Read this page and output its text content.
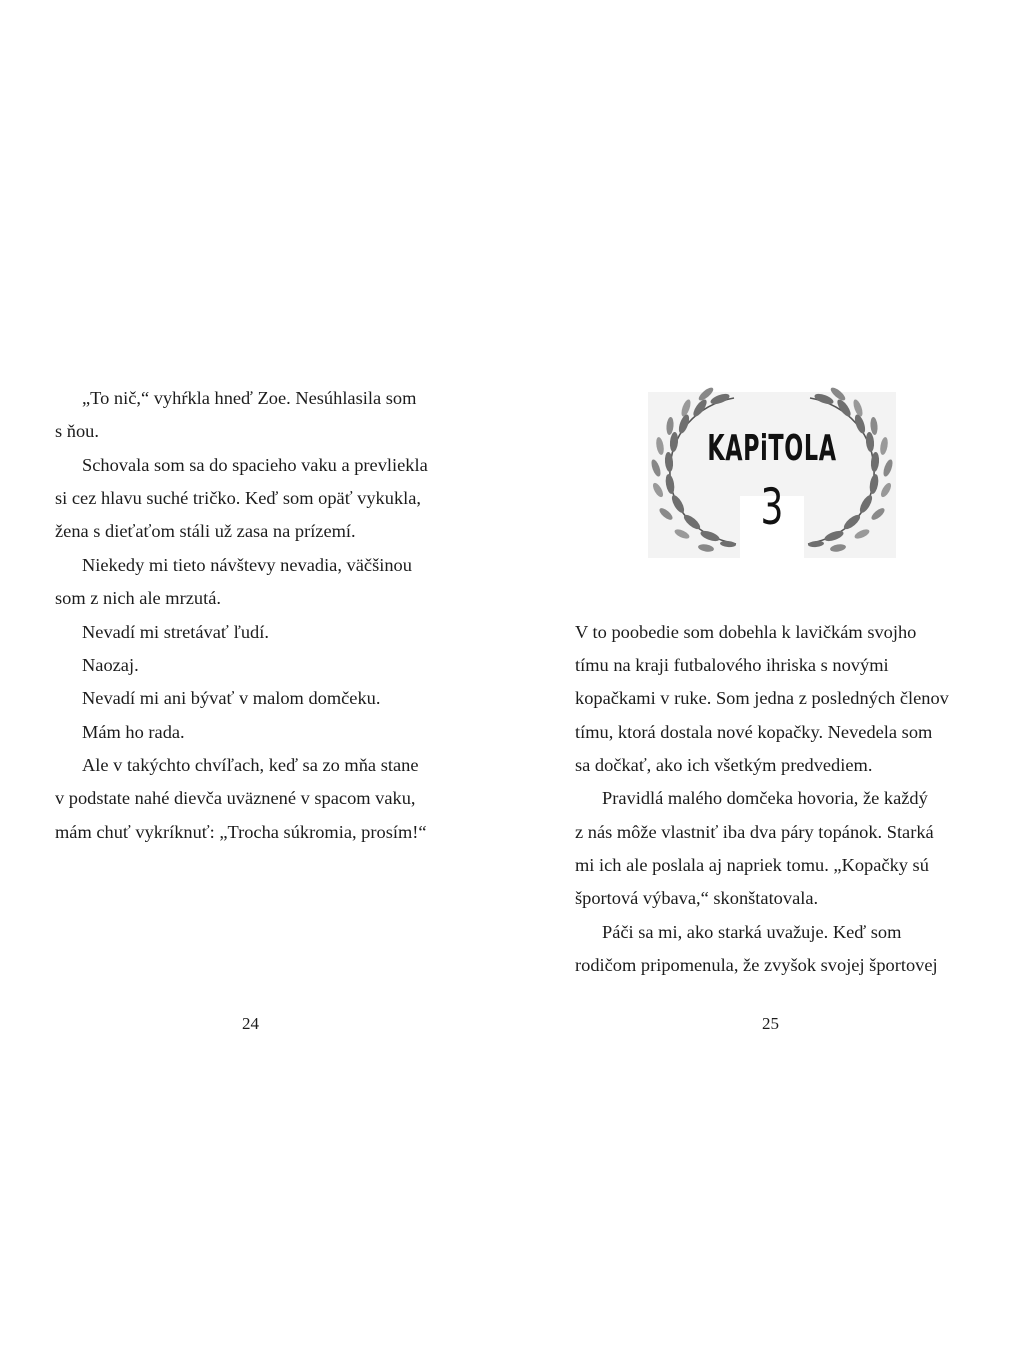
„To nič,“ vyhŕkla hneď Zoe. Nesúhlasila som
s ňou.
Schovala som sa do spacieho vaku a prevliekla
si cez hlavu suché tričko. Keď som opäť vykukla,
žena s dieťaťom stáli už zasa na prízemí.
Niekedy mi tieto návštevy nevadia, väčšinou
som z nich ale mrzutá.
Nevadí mi stretávať ľudí.
Naozaj.
Nevadí mi ani bývať v malom domčeku.
Mám ho rada.
Ale v takýchto chvíľach, keď sa zo mňa stane
v podstate nahé dievča uväznené v spacom vaku,
mám chuť vykríknuť: „Trocha súkromia, prosím!“
24
KAPiTOLA
3
V to poobedie som dobehla k lavičkám svojho
tímu na kraji futbalového ihriska s novými
kopačkami v ruke. Som jedna z posledných členov
tímu, ktorá dostala nové kopačky. Nevedela som
sa dočkať, ako ich všetkým predvediem.
Pravidlá malého domčeka hovoria, že každý
z nás môže vlastniť iba dva páry topánok. Starká
mi ich ale poslala aj napriek tomu. „Kopačky sú
športová výbava,“ skonštatovala.
Páči sa mi, ako starká uvažuje. Keď som
rodičom pripomenula, že zvyšok svojej športovej
25
